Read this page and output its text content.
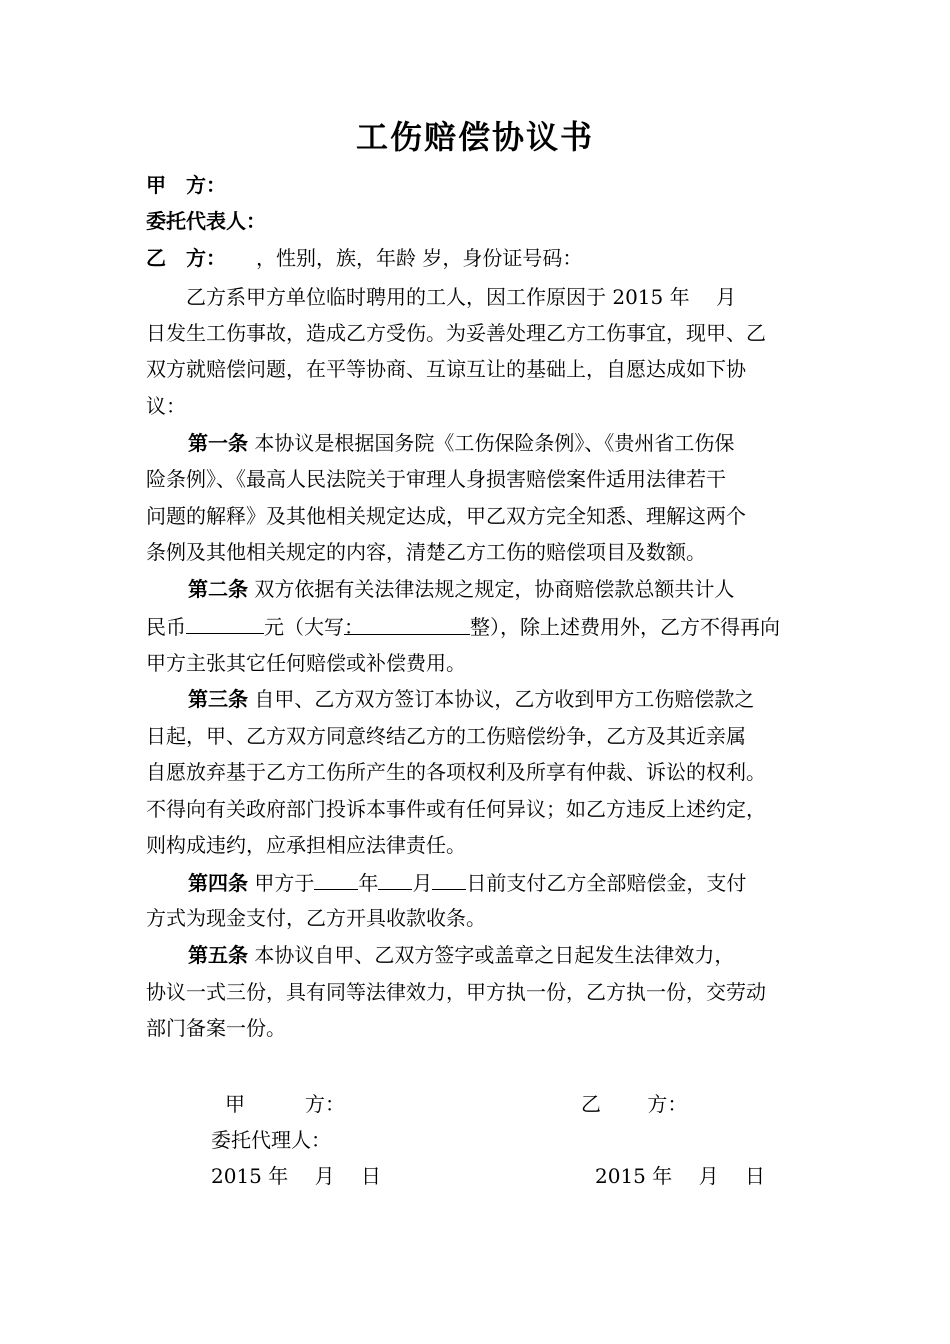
工伤赔偿协议书
甲　方：
委托代表人：
乙　方：　　，性别，族，年龄 岁，身份证号码：
　　乙方系甲方单位临时聘用的工人，因工作原因于 2015 年　 月
日发生工伤事故，造成乙方受伤。为妥善处理乙方工伤事宜，现甲、乙
双方就赔偿问题，在平等协商、互谅互让的基础上，自愿达成如下协
议：
第一条 本协议是根据国务院《工伤保险条例》、《贵州省工伤保
险条例》、《最高人民法院关于审理人身损害赔偿案件适用法律若干
问题的解释》及其他相关规定达成，甲乙双方完全知悉、理解这两个
条例及其他相关规定的内容，清楚乙方工伤的赔偿项目及数额。
第二条 双方依据有关法律法规之规定，协商赔偿款总额共计人
民币	元（大写：	整），除上述费用外，乙方不得再向
甲方主张其它任何赔偿或补偿费用。
第三条 自甲、乙方双方签订本协议，乙方收到甲方工伤赔偿款之
日起，甲、乙方双方同意终结乙方的工伤赔偿纷争，乙方及其近亲属
自愿放弃基于乙方工伤所产生的各项权利及所享有仲裁、诉讼的权利。
不得向有关政府部门投诉本事件或有任何异议；如乙方违反上述约定，
则构成违约，应承担相应法律责任。
第四条 甲方于 年 月 日前支付乙方全部赔偿金，支付
方式为现金支付，乙方开具收款收条。
第五条 本协议自甲、乙双方签字或盖章之日起发生法律效力，
协议一式三份，具有同等法律效力，甲方执一份，乙方执一份，交劳动
部门备案一份。
甲　　　方：	乙　　 方：
委托代理人：
2015 年　 月　 日	2015 年　 月　 日
